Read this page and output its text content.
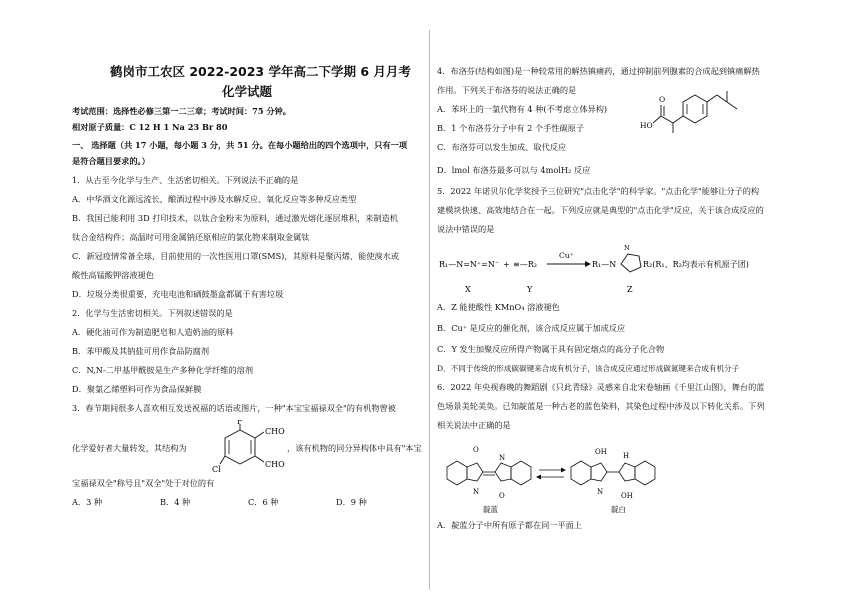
鹤岗市工农区 2022-2023 学年高二下学期 6 月月考
化学试题
考试范围：选择性必修三第一二三章；考试时间：75 分钟。
相对原子质量：C 12 H 1 Na 23 Br 80
一、 选择题（共 17 小题，每小题 3 分，共 51 分。在每小题给出的四个选项中，只有一项
是符合题目要求的。）
1．从古至今化学与生产、生活密切相关。下列说法不正确的是
A．中华酒文化源远流长，酿酒过程中涉及水解反应、氧化反应等多种反应类型
B．我国已能利用 3D 打印技术，以钛合金粉末为原料，通过激光熔化逐层堆积，来制造机
钛合金结构件；高温时可用金属钠还原相应的氯化物来制取金属钛
C．新冠疫情常备全球，目前使用的一次性医用口罩(SMS)，其原料是聚丙烯，能使溴水或
酸性高锰酸钾溶液褪色
D．垃圾分类很重要，充电电池和硒鼓墨盒都属于有害垃圾
2．化学与生活密切相关。下列叙述错误的是
A．硬化油可作为制造肥皂和人造奶油的原料
B．苯甲酸及其钠盐可用作食品防腐剂
C．N,N-二甲基甲酰胺是生产多种化学纤维的溶剂
D．聚氯乙烯塑料可作为食品保鲜膜
3．春节期间很多人喜欢相互发送祝福的话语或图片，一种"本宝宝福禄双全"的有机物曾被
化学爱好者大量转发，其结构为
F
Cl
CHO
CHO
，该有机物的同分异构体中具有"本宝
宝福禄双全"称号且"双全"处于对位的有
A．3 种	B．4 种	C．6 种	D．9 种
4．布洛芬(结构如图)是一种较常用的解热镇痛药，通过抑制前列腺素的合成起到镇痛解热
作用。下列关于布洛芬的说法正确的是
A．苯环上的一氯代物有 4 种(不考虑立体异构)
B．1 个布洛芬分子中有 2 个手性碳原子
C．布洛芬可以发生加成、取代反应
D．lmol 布洛芬最多可以与 4molH₂ 反应
O
HO
5．2022 年诺贝尔化学奖授予三位研究"点击化学"的科学家。"点击化学"能够让分子的构
建模块快速、高效地结合在一起。下列反应就是典型的"点击化学"反应，关于该合成反应的
说法中错误的是
R₁—N=N⁺=N⁻ + ≡—R₂
Cu⁺
R₁—N
N
R₂(R₁、R₂均表示有机原子团)
X	Y	Z
A．Z 能使酸性 KMnO₄ 溶液褪色
B．Cu⁺ 是反应的催化剂，该合成反应属于加成反应
C．Y 发生加聚反应所得产物属于具有固定熔点的高分子化合物
D．不同于传统的形成碳碳键来合成有机分子，该合成反应通过形成碳氮键来合成有机分子
6．2022 年央视春晚的舞蹈剧《只此青绿》灵感来自北宋卷轴画《千里江山图》，舞台的蓝
色场景美轮美奂。已知靛蓝是一种古老的蓝色染料，其染色过程中涉及以下转化关系。下列
相关说法中正确的是
O
N
N	O
靛蓝
OH H
N	OH
靛白
A．靛蓝分子中所有原子都在同一平面上
